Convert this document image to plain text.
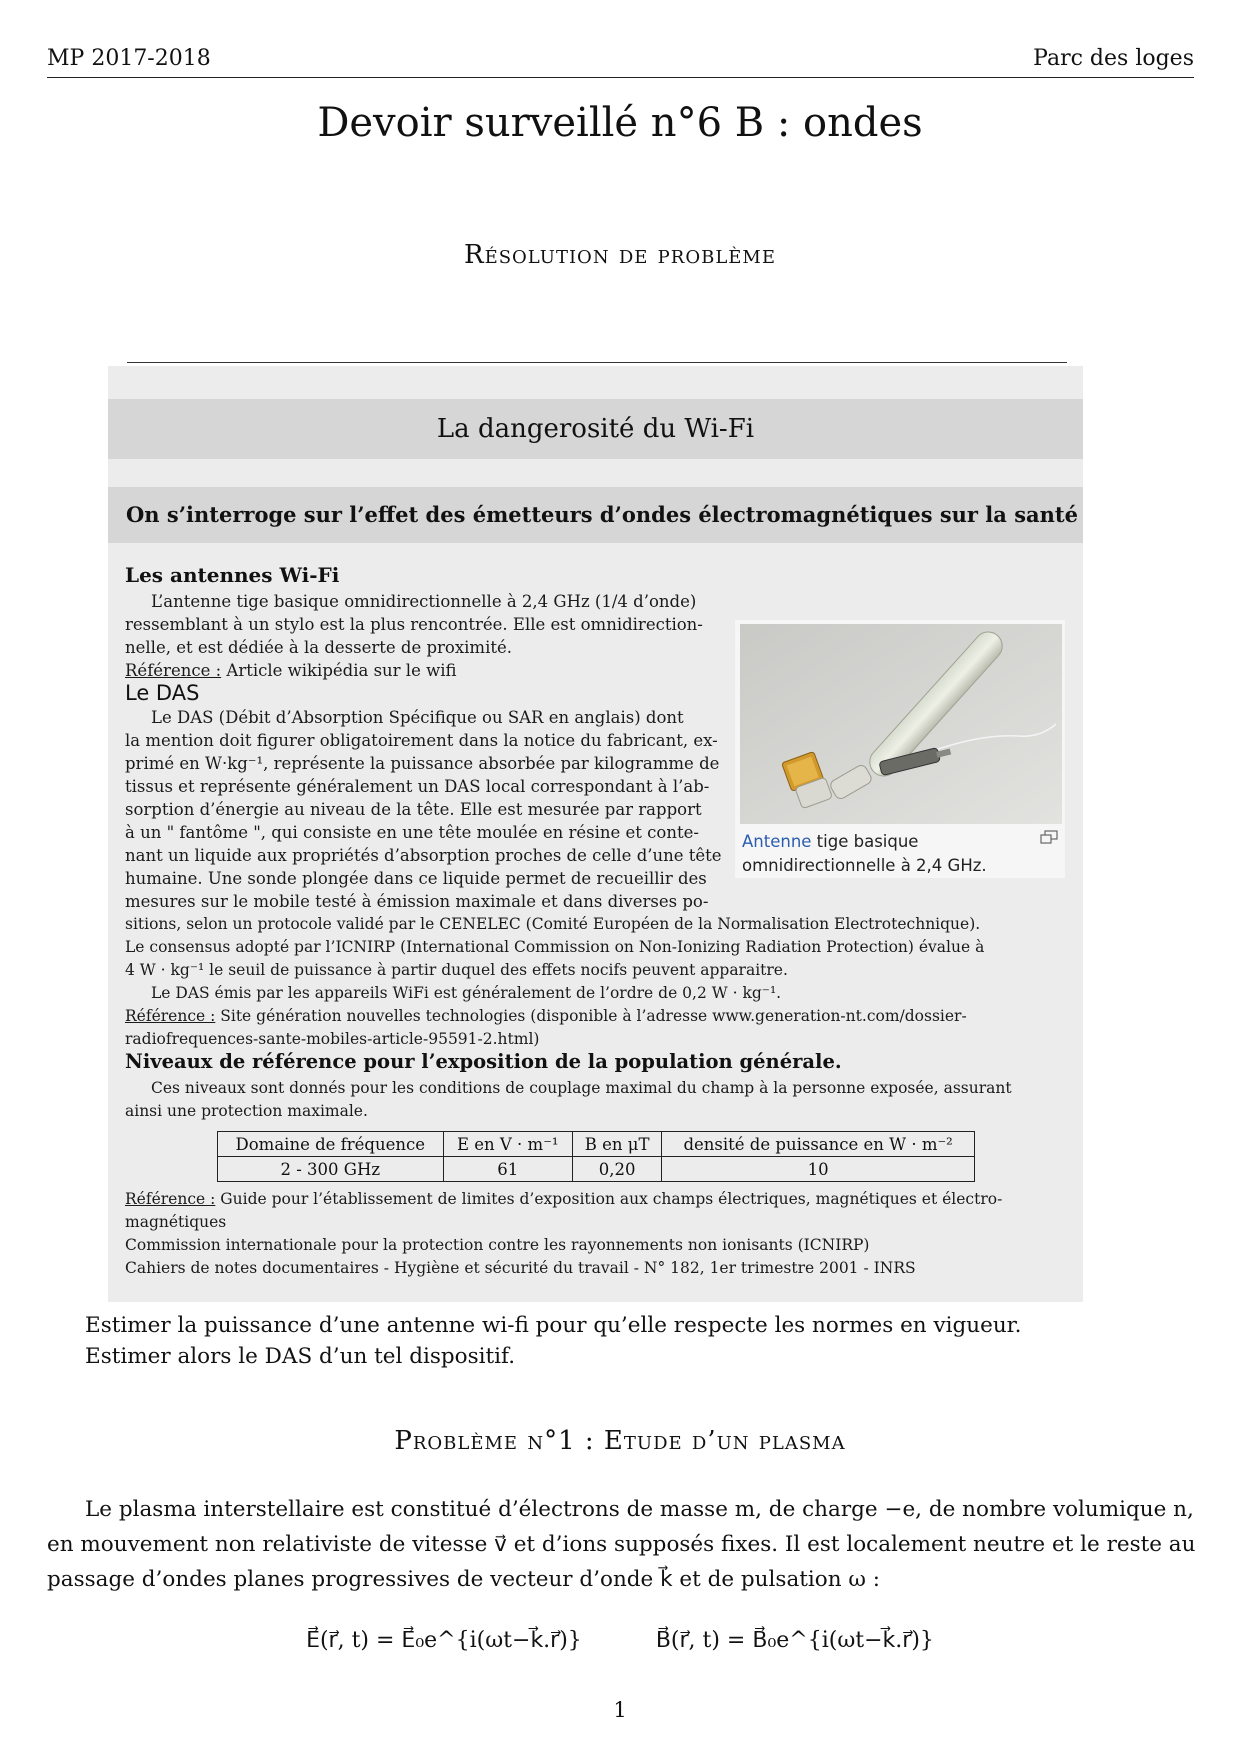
MP 2017-2018	Parc des loges
Devoir surveillé n°6 B : ondes
Résolution de problème
La dangerosité du Wi-Fi
On s’interroge sur l’effet des émetteurs d’ondes électromagnétiques sur la santé
Les antennes Wi-Fi
L’antenne tige basique omnidirectionnelle à 2,4 GHz (1/4 d’onde)
ressemblant à un stylo est la plus rencontrée. Elle est omnidirection-
nelle, et est dédiée à la desserte de proximité.
Référence : Article wikipédia sur le wifi
Le DAS
Le DAS (Débit d’Absorption Spécifique ou SAR en anglais) dont
la mention doit figurer obligatoirement dans la notice du fabricant, ex-
primé en W·kg⁻¹, représente la puissance absorbée par kilogramme de
tissus et représente généralement un DAS local correspondant à l’ab-
sorption d’énergie au niveau de la tête. Elle est mesurée par rapport
à un " fantôme ", qui consiste en une tête moulée en résine et conte-
nant un liquide aux propriétés d’absorption proches de celle d’une tête
humaine. Une sonde plongée dans ce liquide permet de recueillir des
mesures sur le mobile testé à émission maximale et dans diverses po-
sitions, selon un protocole validé par le CENELEC (Comité Européen de la Normalisation Electrotechnique).
Le consensus adopté par l’ICNIRP (International Commission on Non-Ionizing Radiation Protection) évalue à
4 W · kg⁻¹ le seuil de puissance à partir duquel des effets nocifs peuvent apparaitre.
Le DAS émis par les appareils WiFi est généralement de l’ordre de 0,2 W · kg⁻¹.
Référence : Site génération nouvelles technologies (disponible à l’adresse www.generation-nt.com/dossier-
radiofrequences-sante-mobiles-article-95591-2.html)
Niveaux de référence pour l’exposition de la population générale.
Ces niveaux sont donnés pour les conditions de couplage maximal du champ à la personne exposée, assurant
ainsi une protection maximale.
Domaine de fréquence	E en V · m⁻¹	B en μT	densité de puissance en W · m⁻²
2 - 300 GHz	61	0,20	10
Référence : Guide pour l’établissement de limites d’exposition aux champs électriques, magnétiques et électro-
magnétiques
Commission internationale pour la protection contre les rayonnements non ionisants (ICNIRP)
Cahiers de notes documentaires - Hygiène et sécurité du travail - N° 182, 1er trimestre 2001 - INRS
Antenne tige basique
omnidirectionnelle à 2,4 GHz.
Estimer la puissance d’une antenne wi-fi pour qu’elle respecte les normes en vigueur.
Estimer alors le DAS d’un tel dispositif.
Problème n°1 : Etude d’un plasma
Le plasma interstellaire est constitué d’électrons de masse m, de charge −e, de nombre volumique n,
en mouvement non relativiste de vitesse v⃗ et d’ions supposés fixes. Il est localement neutre et le reste au
passage d’ondes planes progressives de vecteur d’onde k⃗ et de pulsation ω :
E⃗(r⃗, t) = E⃗₀e^{i(ωt−k⃗.r⃗)}	B⃗(r⃗, t) = B⃗₀e^{i(ωt−k⃗.r⃗)}
1
